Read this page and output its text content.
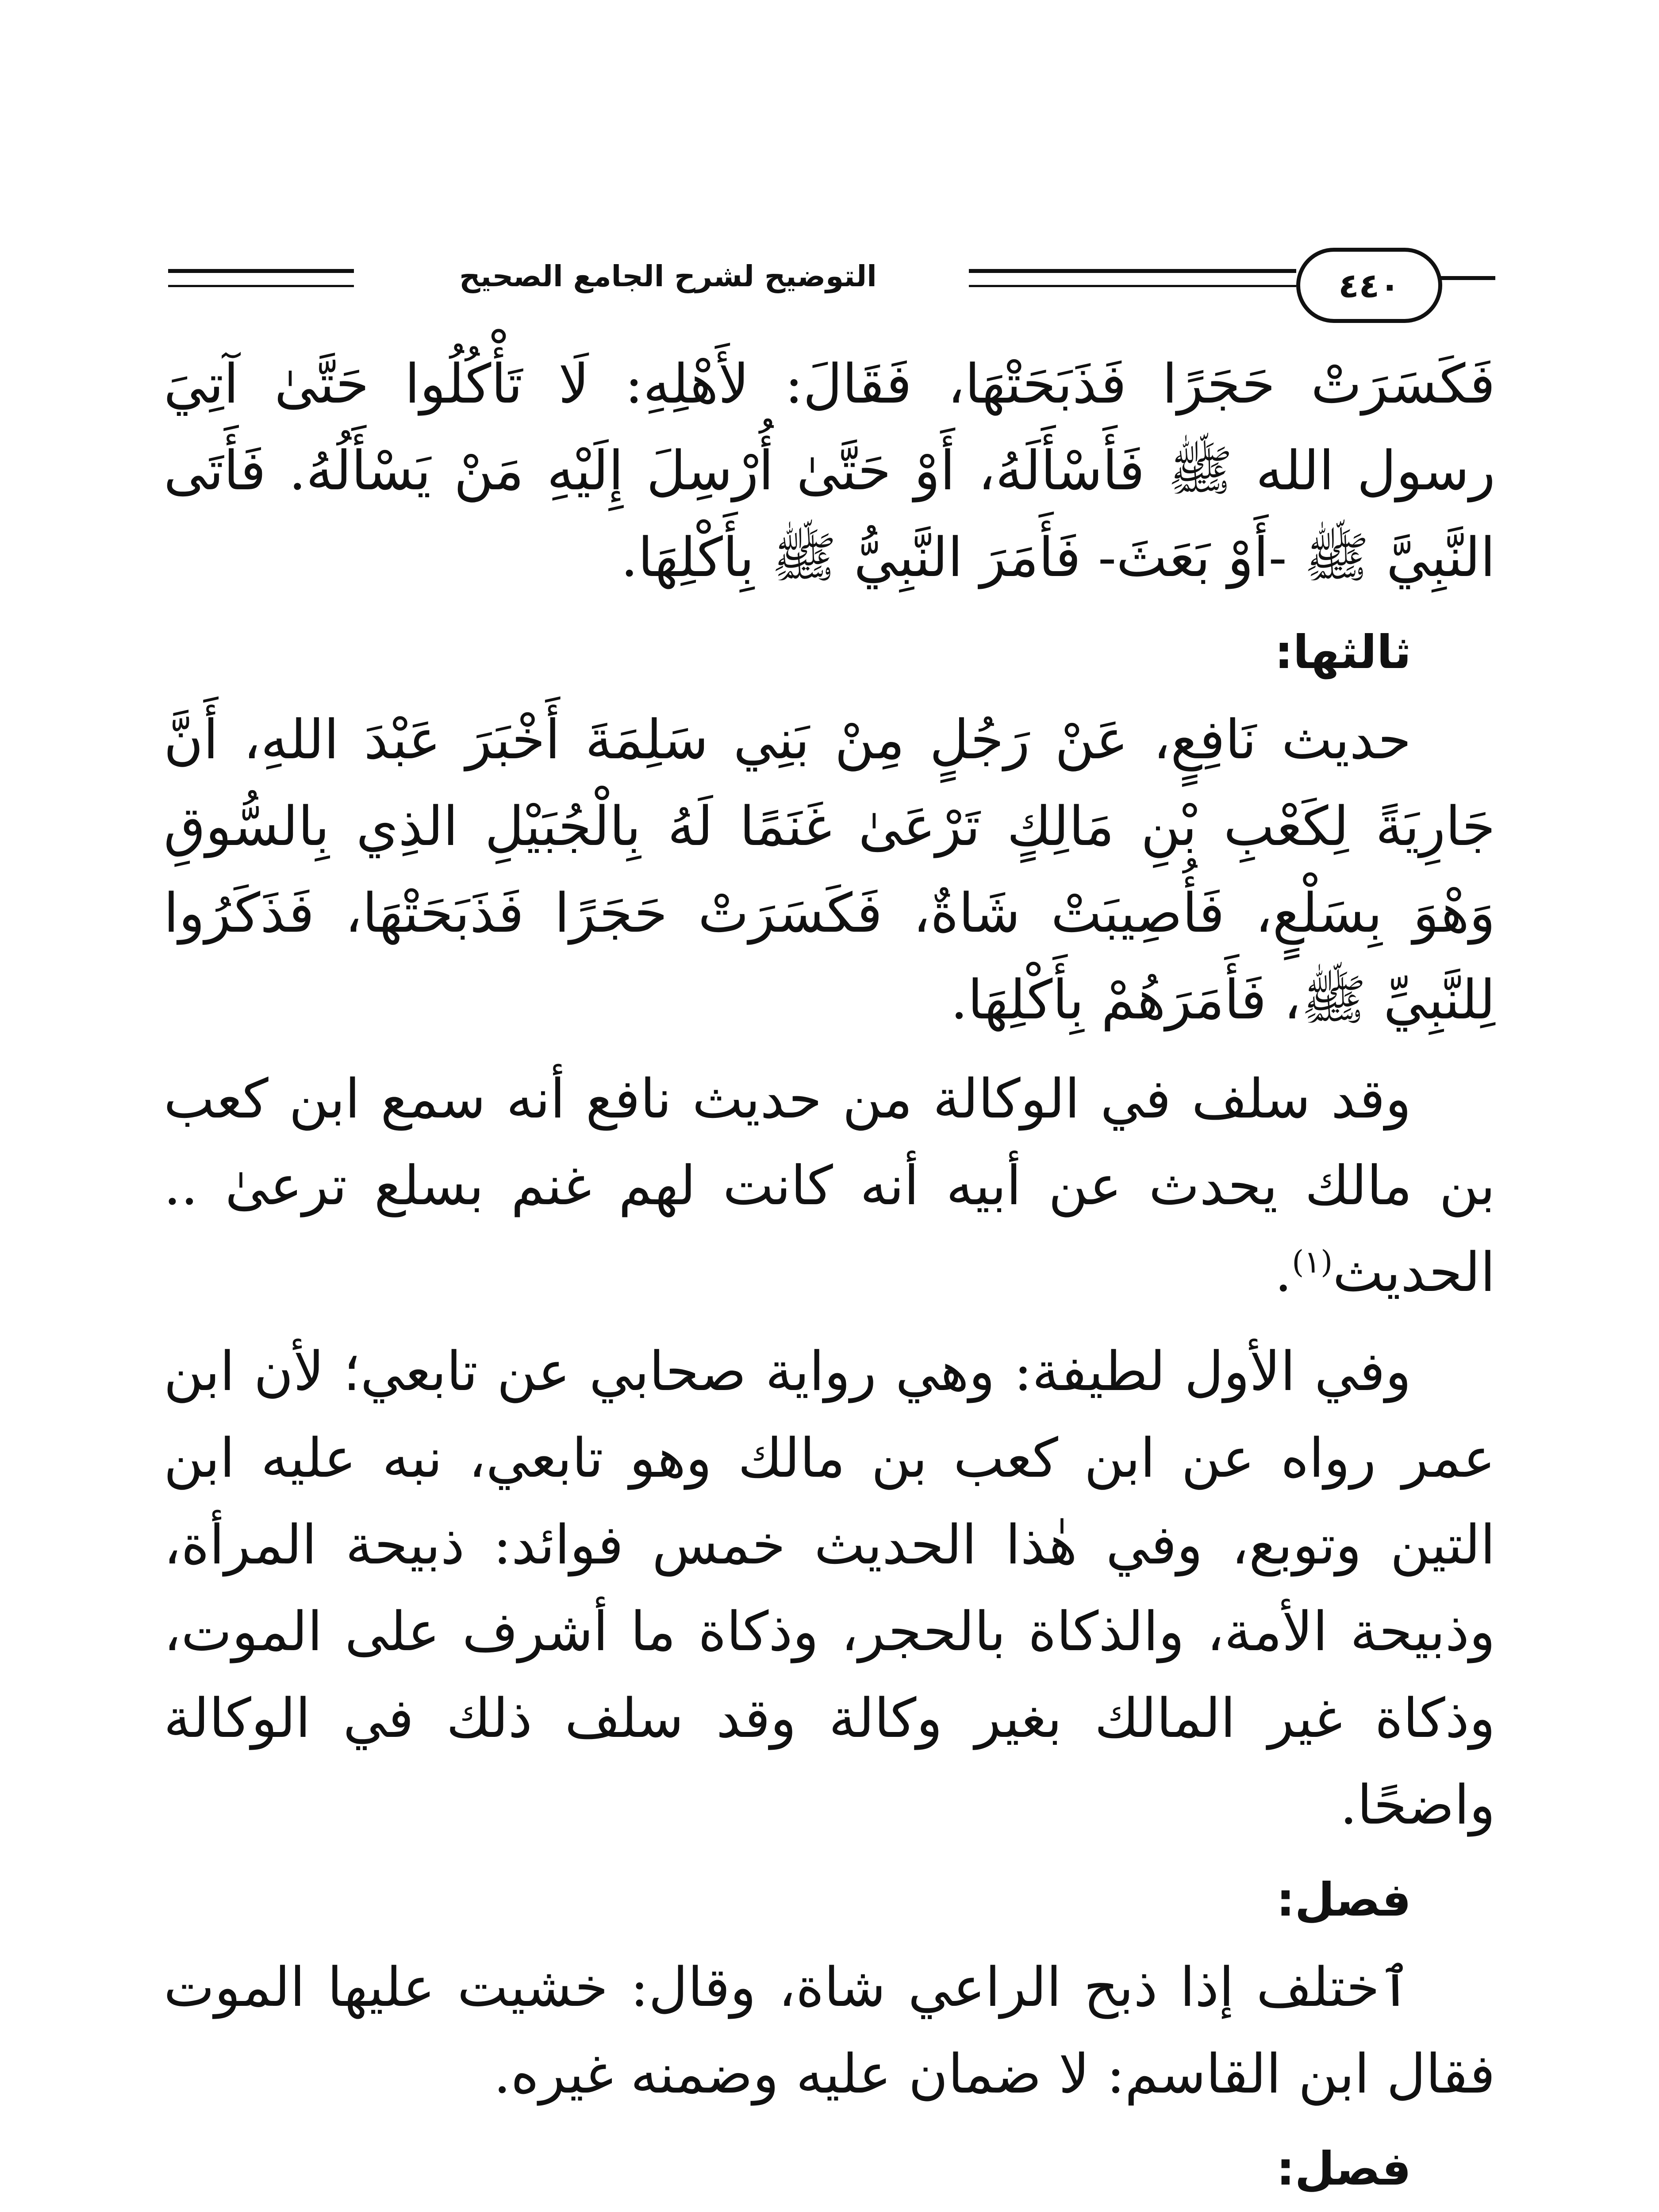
التوضيح لشرح الجامع الصحيح	٤٤٠

فَكَسَرَتْ حَجَرًا فَذَبَحَتْهَا، فَقَالَ: لأَهْلِهِ: لَا تَأْكُلُوا حَتَّىٰ آتِيَ رسول الله ﷺ فَأَسْأَلَهُ، أَوْ حَتَّىٰ أُرْسِلَ إِلَيْهِ مَنْ يَسْأَلُهُ. فَأَتَى النَّبِيَّ ﷺ -أَوْ بَعَثَ- فَأَمَرَ النَّبِيُّ ﷺ بِأَكْلِهَا.

ثالثها:

حديث نَافِعٍ، عَنْ رَجُلٍ مِنْ بَنِي سَلِمَةَ أَخْبَرَ عَبْدَ اللهِ، أَنَّ جَارِيَةً لِكَعْبِ بْنِ مَالِكٍ تَرْعَىٰ غَنَمًا لَهُ بِالْجُبَيْلِ الذِي بِالسُّوقِ وَهْوَ بِسَلْعٍ، فَأُصِيبَتْ شَاةٌ، فَكَسَرَتْ حَجَرًا فَذَبَحَتْهَا، فَذَكَرُوا لِلنَّبِيِّ ﷺ، فَأَمَرَهُمْ بِأَكْلِهَا.

وقد سلف في الوكالة من حديث نافع أنه سمع ابن كعب بن مالك يحدث عن أبيه أنه كانت لهم غنم بسلع ترعىٰ .. الحديث$^{(١)}$.

وفي الأول لطيفة: وهي رواية صحابي عن تابعي؛ لأن ابن عمر رواه عن ابن كعب بن مالك وهو تابعي، نبه عليه ابن التين وتوبع، وفي هٰذا الحديث خمس فوائد: ذبيحة المرأة، وذبيحة الأمة، والذكاة بالحجر، وذكاة ما أشرف على الموت، وذكاة غير المالك بغير وكالة وقد سلف ذلك في الوكالة واضحًا.

فصل:

ٱختلف إذا ذبح الراعي شاة، وقال: خشيت عليها الموت فقال ابن القاسم: لا ضمان عليه وضمنه غيره.

فصل:
